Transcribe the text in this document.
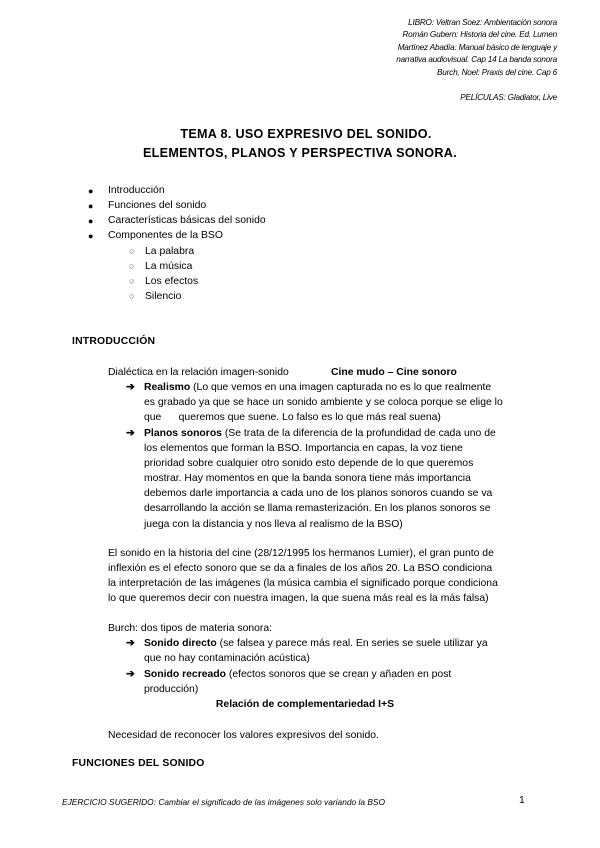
LIBRO: Veltran Soez: Ambientación sonora
Román Gubern: Historia del cine. Ed. Lumen
Martínez Abadía: Manual básico de lenguaje y
narrativa audiovisual. Cap 14 La banda sonora
Burch, Noel: Praxis del cine. Cap 6
PELÍCULAS: Gladiator, Live
TEMA 8. USO EXPRESIVO DEL SONIDO.
ELEMENTOS, PLANOS Y PERSPECTIVA SONORA.
● Introducción
● Funciones del sonido
● Características básicas del sonido
● Componentes de la BSO
○ La palabra
○ La música
○ Los efectos
○ Silencio
INTRODUCCIÓN
Dialéctica en la relación imagen-sonido	Cine mudo – Cine sonoro
➔ Realismo (Lo que vemos en una imagen capturada no es lo que realmente
es grabado ya que se hace un sonido ambiente y se coloca porque se elige lo
que      queremos que suene. Lo falso es lo que más real suena)
➔ Planos sonoros (Se trata de la diferencia de la profundidad de cada uno de
los elementos que forman la BSO. Importancia en capas, la voz tiene
prioridad sobre cualquier otro sonido esto depende de lo que queremos
mostrar. Hay momentos en que la banda sonora tiene más importancia
debemos darle importancia a cada uno de los planos sonoros cuando se va
desarrollando la acción se llama remasterización. En los planos sonoros se
juega con la distancia y nos lleva al realismo de la BSO)
El sonido en la historia del cine (28/12/1995 los hermanos Lumier), el gran punto de
inflexión es el efecto sonoro que se da a finales de los años 20. La BSO condiciona
la interpretación de las imágenes (la música cambia el significado porque condiciona
lo que queremos decir con nuestra imagen, la que suena más real es la más falsa)
Burch: dos tipos de materia sonora:
➔ Sonido directo (se falsea y parece más real. En series se suele utilizar ya
que no hay contaminación acústica)
➔ Sonido recreado (efectos sonoros que se crean y añaden en post
producción)
Relación de complementariedad I+S
Necesidad de reconocer los valores expresivos del sonido.
FUNCIONES DEL SONIDO
EJERCICIO SUGERIDO: Cambiar el significado de las imágenes solo variando la BSO	1
